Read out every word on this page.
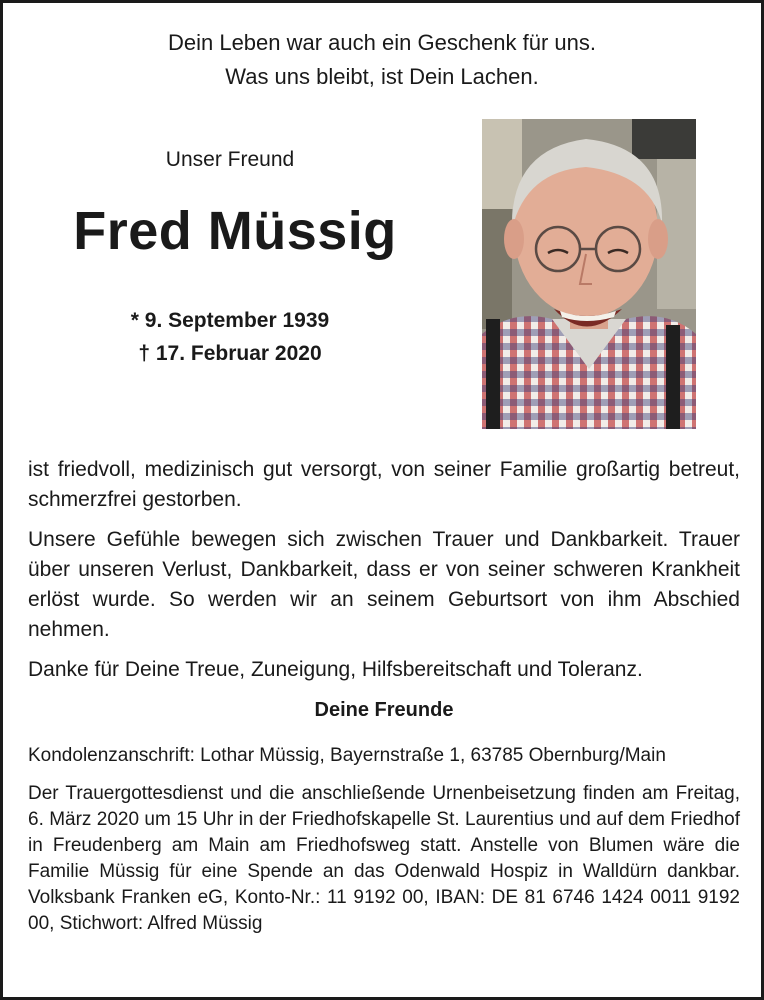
Dein Leben war auch ein Geschenk für uns.
Was uns bleibt, ist Dein Lachen.
Unser Freund
Fred Müssig
* 9. September 1939
† 17. Februar 2020

ist friedvoll, medizinisch gut versorgt, von seiner Familie großartig betreut, schmerzfrei gestorben.

Unsere Gefühle bewegen sich zwischen Trauer und Dankbarkeit. Trauer über unseren Verlust, Dankbarkeit, dass er von seiner schweren Krankheit erlöst wurde. So werden wir an seinem Geburtsort von ihm Abschied nehmen.

Danke für Deine Treue, Zuneigung, Hilfsbereitschaft und Toleranz.

Deine Freunde

Kondolenzanschrift: Lothar Müssig, Bayernstraße 1, 63785 Obernburg/Main

Der Trauergottesdienst und die anschließende Urnenbeisetzung finden am Freitag, 6. März 2020 um 15 Uhr in der Friedhofskapelle St. Laurentius und auf dem Friedhof in Freudenberg am Main am Friedhofsweg statt. Anstelle von Blumen wäre die Familie Müssig für eine Spende an das Odenwald Hospiz in Walldürn dankbar. Volksbank Franken eG, Konto-Nr.: 11 9192 00, IBAN: DE 81 6746 1424 0011 9192 00, Stichwort: Alfred Müssig
